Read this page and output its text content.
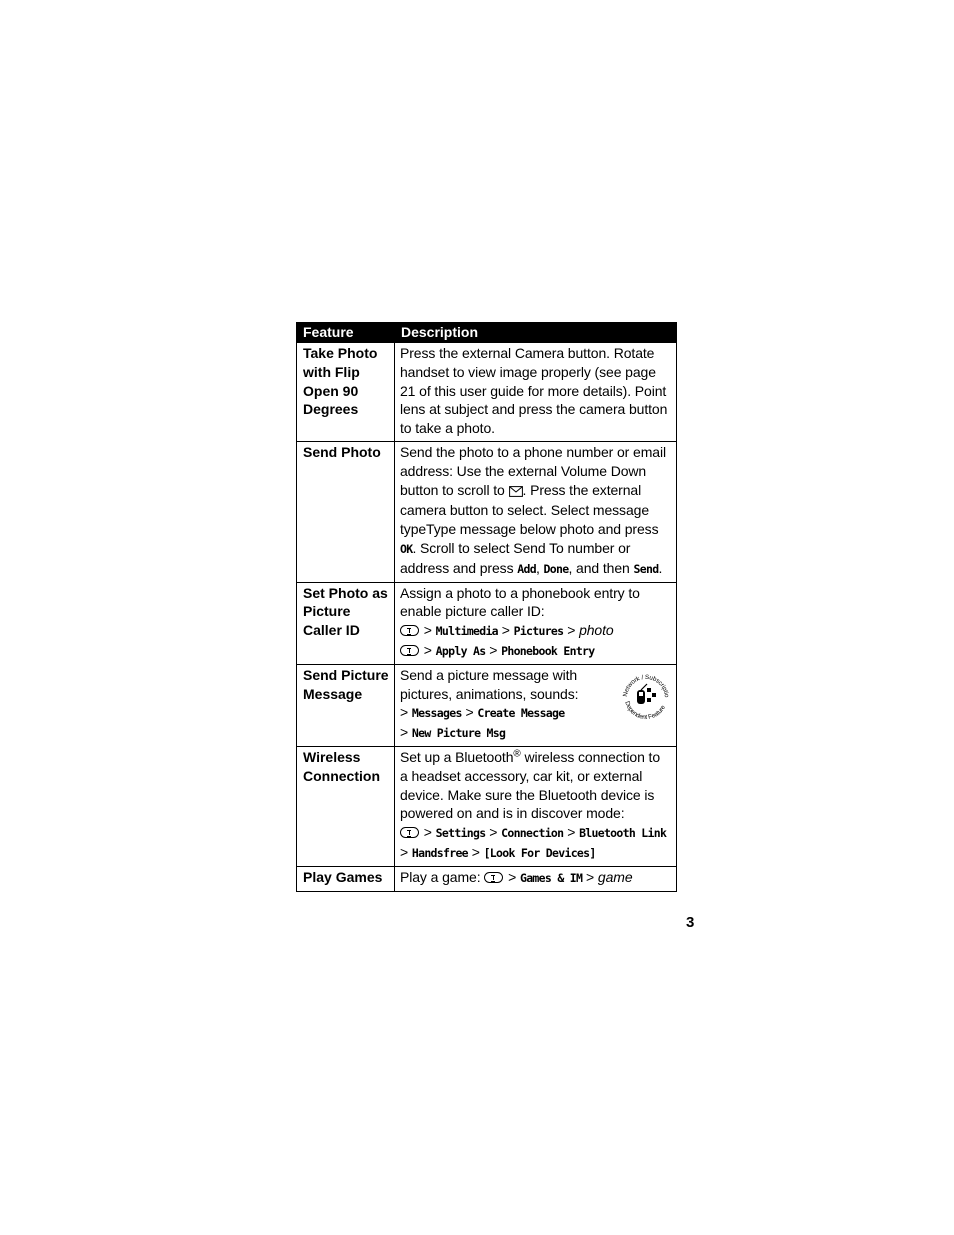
Feature	Description
Take Photo with Flip Open 90 Degrees	Press the external Camera button. Rotate handset to view image properly (see page 21 of this user guide for more details). Point lens at subject and press the camera button to take a photo.
Send Photo	Send the photo to a phone number or email address: Use the external Volume Down button to scroll to . Press the external camera button to select. Select message typeType message below photo and press OK. Scroll to select Send To number or address and press Add, Done, and then Send.
Set Photo as Picture Caller ID	Assign a photo to a phonebook entry to enable picture caller ID:
> Multimedia > Pictures > photo
> Apply As > Phonebook Entry
Send Picture Message	Network / Subscriptio
Dependent Feature
Send a picture message with pictures, animations, sounds:
> Messages > Create Message
> New Picture Msg
Wireless Connection	Set up a Bluetooth® wireless connection to a headset accessory, car kit, or external device. Make sure the Bluetooth device is powered on and is in discover mode:
> Settings > Connection > Bluetooth Link
> Handsfree > [Look For Devices]
Play Games	Play a game: > Games & IM > game
3
